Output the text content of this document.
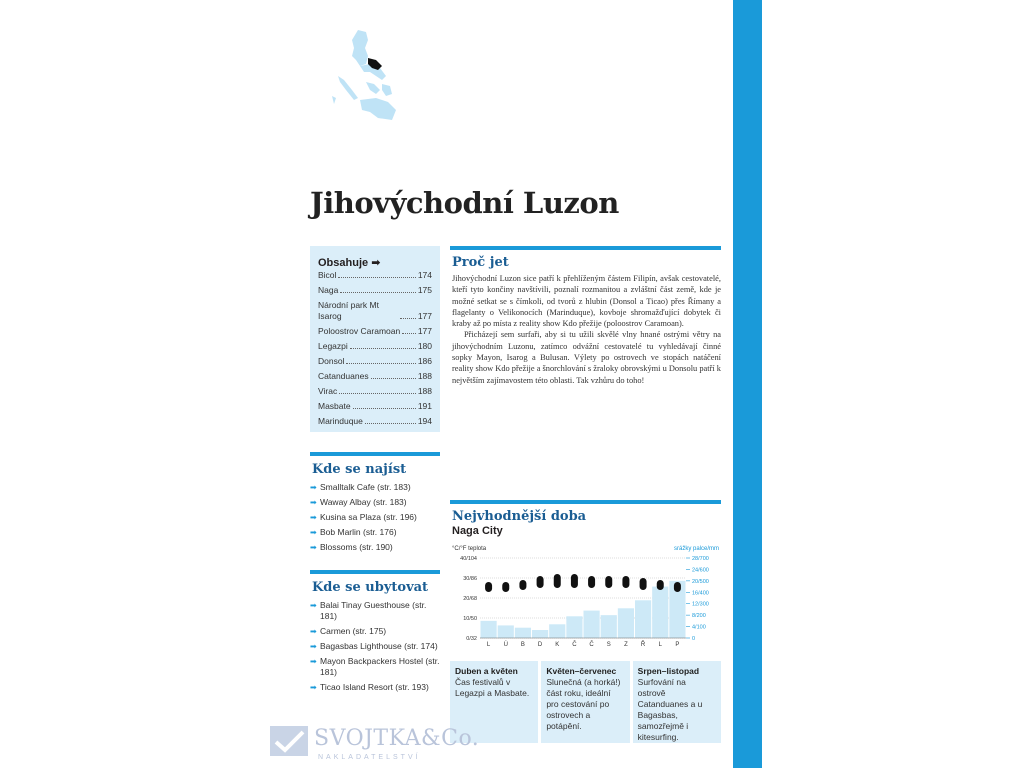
Jihovýchodní Luzon
Obsahuje ➡
Bicol	174
Naga	175
Národní park Mt Isarog	177
Poloostrov Caramoan 177
Legazpi	180
Donsol	186
Catanduanes	188
Virac	188
Masbate	191
Marinduque	194
Kde se najíst
➡ Smalltalk Cafe (str. 183)
➡ Waway Albay (str. 183)
➡ Kusina sa Plaza (str. 196)
➡ Bob Marlin (str. 176)
➡ Blossoms (str. 190)
Kde se ubytovat
➡ Balai Tinay Guesthouse (str. 181)
➡ Carmen (str. 175)
➡ Bagasbas Lighthouse (str. 174)
➡ Mayon Backpackers Hostel (str. 181)
➡ Ticao Island Resort (str. 193)
Proč jet

Jihovýchodní Luzon sice patří k přehlíženým částem Filipín, avšak cestovatelé, kteří tyto končiny navštívili, poznalí rozmanitou a zvláštní část země, kde je možné setkat se s čímkoli, od tvorů z hlubin (Donsol a Ticao) přes Římany a flagelanty o Velikonocích (Marinduque), kovboje shromažďující dobytek či kraby až po místa z reality show Kdo přežije (poloostrov Caramoan).

Přicházejí sem surfaři, aby si tu užili skvělé vlny hnané ostrými větry na jihovýchodním Luzonu, zatímco odvážní cestovatelé tu vyhledávají činné sopky Mayon, Isarog a Bulusan. Výlety po ostrovech ve stopách natáčení reality show Kdo přežije a šnorchlování s žraloky obrovskými u Donsolu patří k největším zajímavostem této oblasti. Tak vzhůru do toho!

Nejvhodnější doba
Naga City
°C/°F teplota	srážky palce/mm
40/104
30/86
20/68
10/50
0/32
28/700
24/600
20/500
16/400
12/300
8/200
4/100
0
L Ú B D K Č Č S Z Ř L P
Duben a květen
Čas festivalů v Legazpi a Masbate.
Květen–červenec
Slunečná (a horká!) část roku, ideální pro cestování po ostrovech a potápění.
Srpen–listopad
Surfování na ostrově Catanduanes a u Bagasbas, samozřejmě i kitesurfing.
SVOJTKA&Co.
NAKLADATELSTVÍ
